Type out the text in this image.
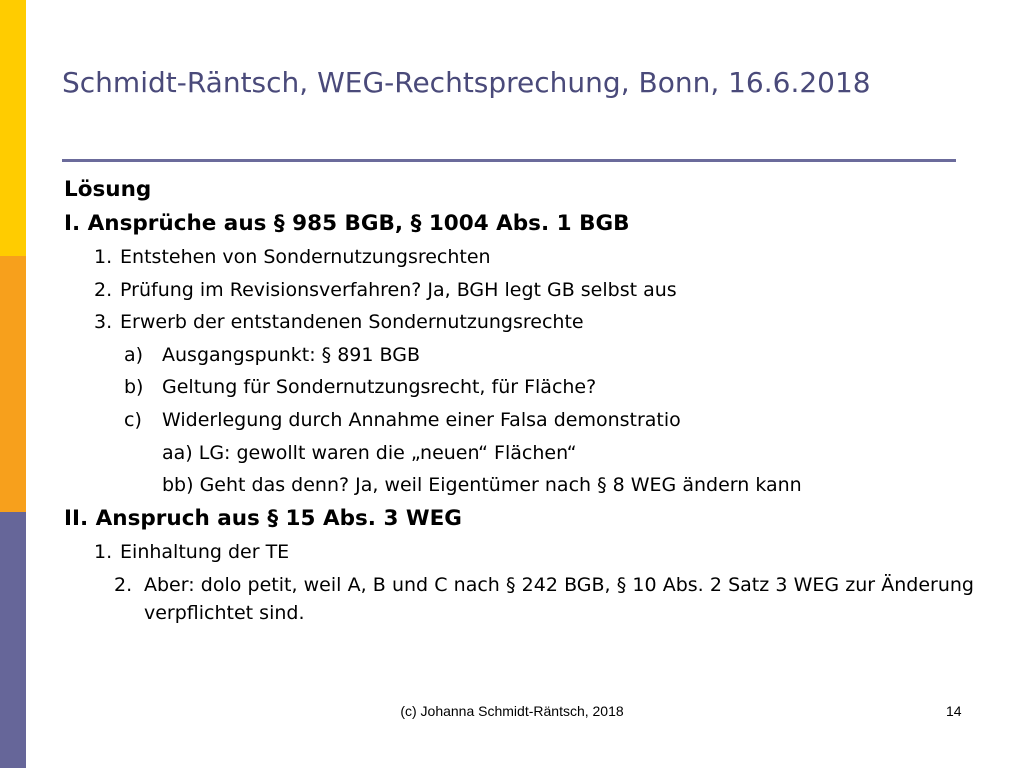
Schmidt-Räntsch, WEG-Rechtsprechung, Bonn, 16.6.2018
Lösung
I. Ansprüche aus § 985 BGB, § 1004 Abs. 1 BGB
1. Entstehen von Sondernutzungsrechten
2. Prüfung im Revisionsverfahren? Ja, BGH legt GB selbst aus
3. Erwerb der entstandenen Sondernutzungsrechte
a) Ausgangspunkt: § 891 BGB
b) Geltung für Sondernutzungsrecht, für Fläche?
c) Widerlegung durch Annahme einer Falsa demonstratio
aa) LG: gewollt waren die „neuen“ Flächen“
bb) Geht das denn? Ja, weil Eigentümer nach § 8 WEG ändern kann
II. Anspruch aus § 15 Abs. 3 WEG
1. Einhaltung der TE
2. Aber: dolo petit, weil A, B und C nach § 242 BGB, § 10 Abs. 2 Satz 3 WEG zur Änderung verpflichtet sind.
(c) Johanna Schmidt-Räntsch, 2018	14
